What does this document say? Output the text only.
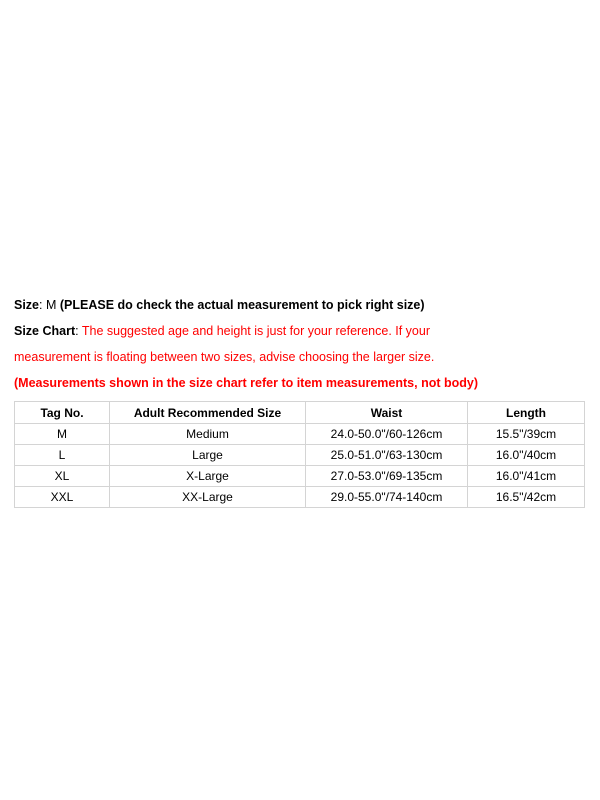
Size: M (PLEASE do check the actual measurement to pick right size)
Size Chart: The suggested age and height is just for your reference. If your
measurement is floating between two sizes, advise choosing the larger size.
(Measurements shown in the size chart refer to item measurements, not body)
Tag No.	Adult Recommended Size	Waist	Length
M	Medium	24.0-50.0"/60-126cm	15.5"/39cm
L	Large	25.0-51.0"/63-130cm	16.0"/40cm
XL	X-Large	27.0-53.0"/69-135cm	16.0"/41cm
XXL	XX-Large	29.0-55.0"/74-140cm	16.5"/42cm
